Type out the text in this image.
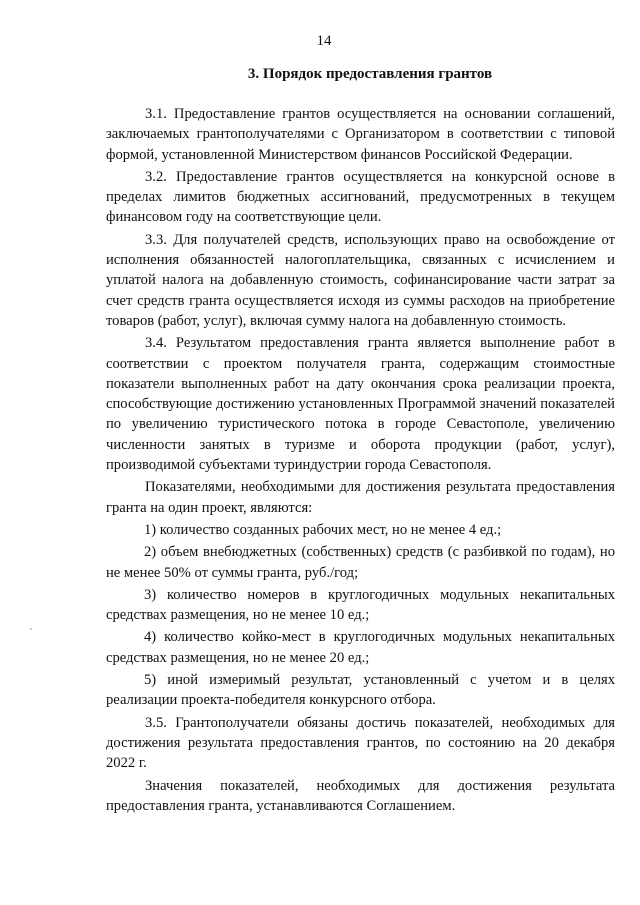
14
3. Порядок предоставления грантов

3.1. Предоставление грантов осуществляется на основании соглашений, заключаемых грантополучателями с Организатором в соответствии с типовой формой, установленной Министерством финансов Российской Федерации.

3.2. Предоставление грантов осуществляется на конкурсной основе в пределах лимитов бюджетных ассигнований, предусмотренных в текущем финансовом году на соответствующие цели.

3.3. Для получателей средств, использующих право на освобождение от исполнения обязанностей налогоплательщика, связанных с исчислением и уплатой налога на добавленную стоимость, софинансирование части затрат за счет средств гранта осуществляется исходя из суммы расходов на приобретение товаров (работ, услуг), включая сумму налога на добавленную стоимость.

3.4. Результатом предоставления гранта является выполнение работ в соответствии с проектом получателя гранта, содержащим стоимостные показатели выполненных работ на дату окончания срока реализации проекта, способствующие достижению установленных Программой значений показателей по увеличению туристического потока в городе Севастополе, увеличению численности занятых в туризме и оборота продукции (работ, услуг), производимой субъектами туриндустрии города Севастополя.

Показателями, необходимыми для достижения результата предоставления гранта на один проект, являются:

1) количество созданных рабочих мест, но не менее 4 ед.;

2) объем внебюджетных (собственных) средств (с разбивкой по годам), но не менее 50% от суммы гранта, руб./год;

3) количество номеров в круглогодичных модульных некапитальных средствах размещения, но не менее 10 ед.;

4) количество койко-мест в круглогодичных модульных некапитальных средствах размещения, но не менее 20 ед.;

5) иной измеримый результат, установленный с учетом и в целях реализации проекта-победителя конкурсного отбора.

3.5. Грантополучатели обязаны достичь показателей, необходимых для достижения результата предоставления грантов, по состоянию на 20 декабря 2022 г.

Значения показателей, необходимых для достижения результата предоставления гранта, устанавливаются Соглашением.
